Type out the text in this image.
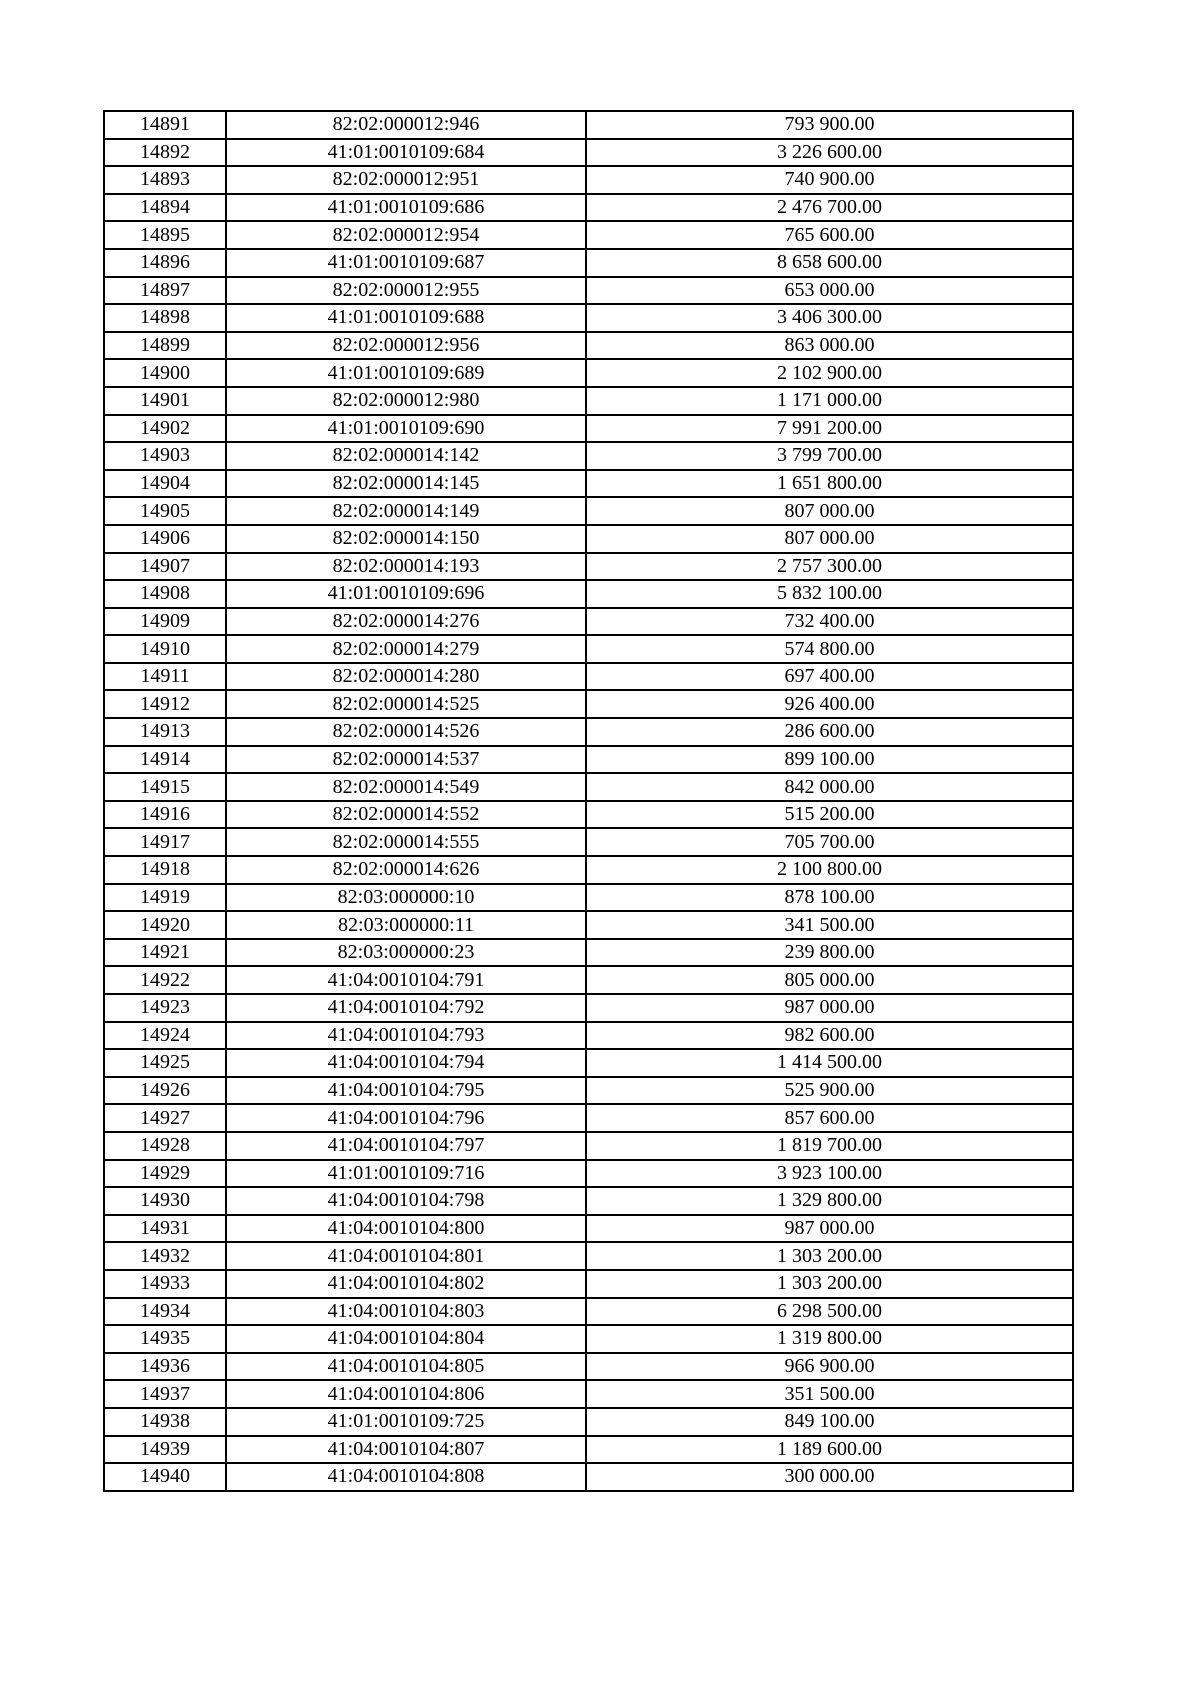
14891	82:02:000012:946	793 900.00
14892	41:01:0010109:684	3 226 600.00
14893	82:02:000012:951	740 900.00
14894	41:01:0010109:686	2 476 700.00
14895	82:02:000012:954	765 600.00
14896	41:01:0010109:687	8 658 600.00
14897	82:02:000012:955	653 000.00
14898	41:01:0010109:688	3 406 300.00
14899	82:02:000012:956	863 000.00
14900	41:01:0010109:689	2 102 900.00
14901	82:02:000012:980	1 171 000.00
14902	41:01:0010109:690	7 991 200.00
14903	82:02:000014:142	3 799 700.00
14904	82:02:000014:145	1 651 800.00
14905	82:02:000014:149	807 000.00
14906	82:02:000014:150	807 000.00
14907	82:02:000014:193	2 757 300.00
14908	41:01:0010109:696	5 832 100.00
14909	82:02:000014:276	732 400.00
14910	82:02:000014:279	574 800.00
14911	82:02:000014:280	697 400.00
14912	82:02:000014:525	926 400.00
14913	82:02:000014:526	286 600.00
14914	82:02:000014:537	899 100.00
14915	82:02:000014:549	842 000.00
14916	82:02:000014:552	515 200.00
14917	82:02:000014:555	705 700.00
14918	82:02:000014:626	2 100 800.00
14919	82:03:000000:10	878 100.00
14920	82:03:000000:11	341 500.00
14921	82:03:000000:23	239 800.00
14922	41:04:0010104:791	805 000.00
14923	41:04:0010104:792	987 000.00
14924	41:04:0010104:793	982 600.00
14925	41:04:0010104:794	1 414 500.00
14926	41:04:0010104:795	525 900.00
14927	41:04:0010104:796	857 600.00
14928	41:04:0010104:797	1 819 700.00
14929	41:01:0010109:716	3 923 100.00
14930	41:04:0010104:798	1 329 800.00
14931	41:04:0010104:800	987 000.00
14932	41:04:0010104:801	1 303 200.00
14933	41:04:0010104:802	1 303 200.00
14934	41:04:0010104:803	6 298 500.00
14935	41:04:0010104:804	1 319 800.00
14936	41:04:0010104:805	966 900.00
14937	41:04:0010104:806	351 500.00
14938	41:01:0010109:725	849 100.00
14939	41:04:0010104:807	1 189 600.00
14940	41:04:0010104:808	300 000.00
